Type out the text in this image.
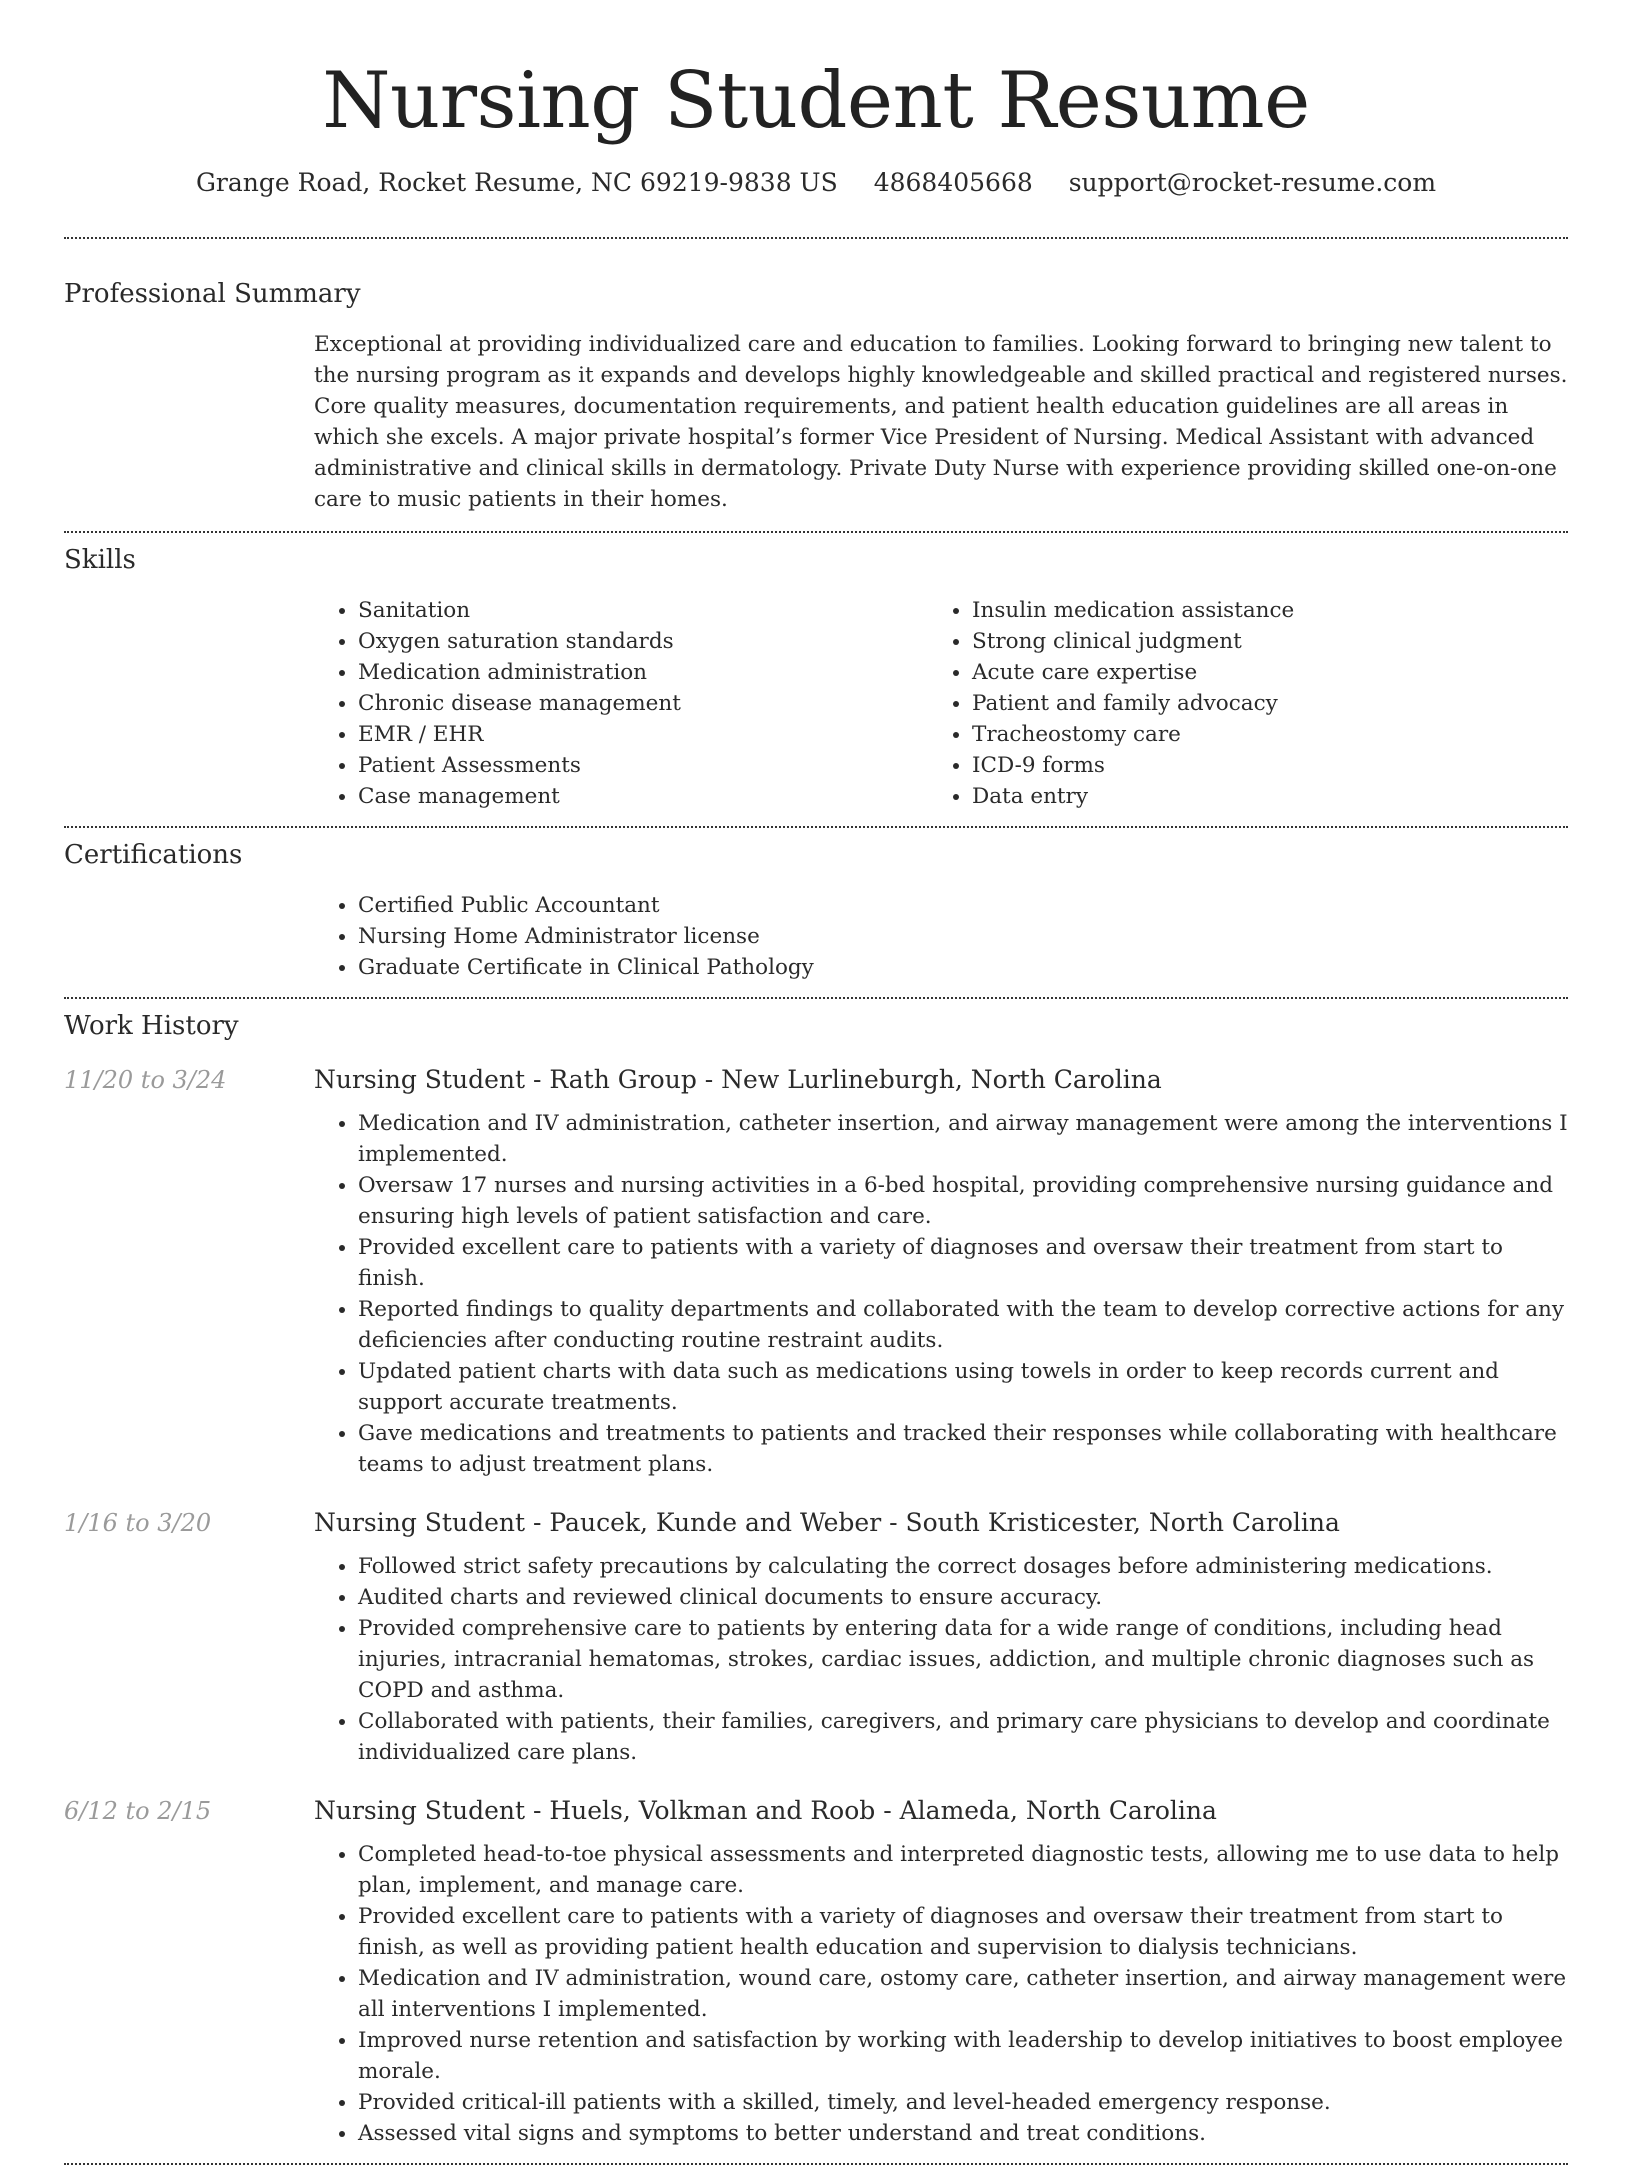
Nursing Student Resume
Grange Road, Rocket Resume, NC 69219-9838 US 4868405668 support@rocket-resume.com
Professional Summary
Exceptional at providing individualized care and education to families. Looking forward to bringing new talent to the nursing program as it expands and develops highly knowledgeable and skilled practical and registered nurses. Core quality measures, documentation requirements, and patient health education guidelines are all areas in which she excels. A major private hospital’s former Vice President of Nursing. Medical Assistant with advanced administrative and clinical skills in dermatology. Private Duty Nurse with experience providing skilled one-on-one care to music patients in their homes.
Skills
• Sanitation
• Oxygen saturation standards
• Medication administration
• Chronic disease management
• EMR / EHR
• Patient Assessments
• Case management
• Insulin medication assistance
• Strong clinical judgment
• Acute care expertise
• Patient and family advocacy
• Tracheostomy care
• ICD-9 forms
• Data entry
Certifications
• Certified Public Accountant
• Nursing Home Administrator license
• Graduate Certificate in Clinical Pathology
Work History
11/20 to 3/24	Nursing Student - Rath Group - New Lurlineburgh, North Carolina
• Medication and IV administration, catheter insertion, and airway management were among the interventions I implemented.
• Oversaw 17 nurses and nursing activities in a 6-bed hospital, providing comprehensive nursing guidance and ensuring high levels of patient satisfaction and care.
• Provided excellent care to patients with a variety of diagnoses and oversaw their treatment from start to finish.
• Reported findings to quality departments and collaborated with the team to develop corrective actions for any deficiencies after conducting routine restraint audits.
• Updated patient charts with data such as medications using towels in order to keep records current and support accurate treatments.
• Gave medications and treatments to patients and tracked their responses while collaborating with healthcare teams to adjust treatment plans.
1/16 to 3/20	Nursing Student - Paucek, Kunde and Weber - South Kristicester, North Carolina
• Followed strict safety precautions by calculating the correct dosages before administering medications.
• Audited charts and reviewed clinical documents to ensure accuracy.
• Provided comprehensive care to patients by entering data for a wide range of conditions, including head injuries, intracranial hematomas, strokes, cardiac issues, addiction, and multiple chronic diagnoses such as COPD and asthma.
• Collaborated with patients, their families, caregivers, and primary care physicians to develop and coordinate individualized care plans.
6/12 to 2/15	Nursing Student - Huels, Volkman and Roob - Alameda, North Carolina
• Completed head-to-toe physical assessments and interpreted diagnostic tests, allowing me to use data to help plan, implement, and manage care.
• Provided excellent care to patients with a variety of diagnoses and oversaw their treatment from start to finish, as well as providing patient health education and supervision to dialysis technicians.
• Medication and IV administration, wound care, ostomy care, catheter insertion, and airway management were all interventions I implemented.
• Improved nurse retention and satisfaction by working with leadership to develop initiatives to boost employee morale.
• Provided critical-ill patients with a skilled, timely, and level-headed emergency response.
• Assessed vital signs and symptoms to better understand and treat conditions.
